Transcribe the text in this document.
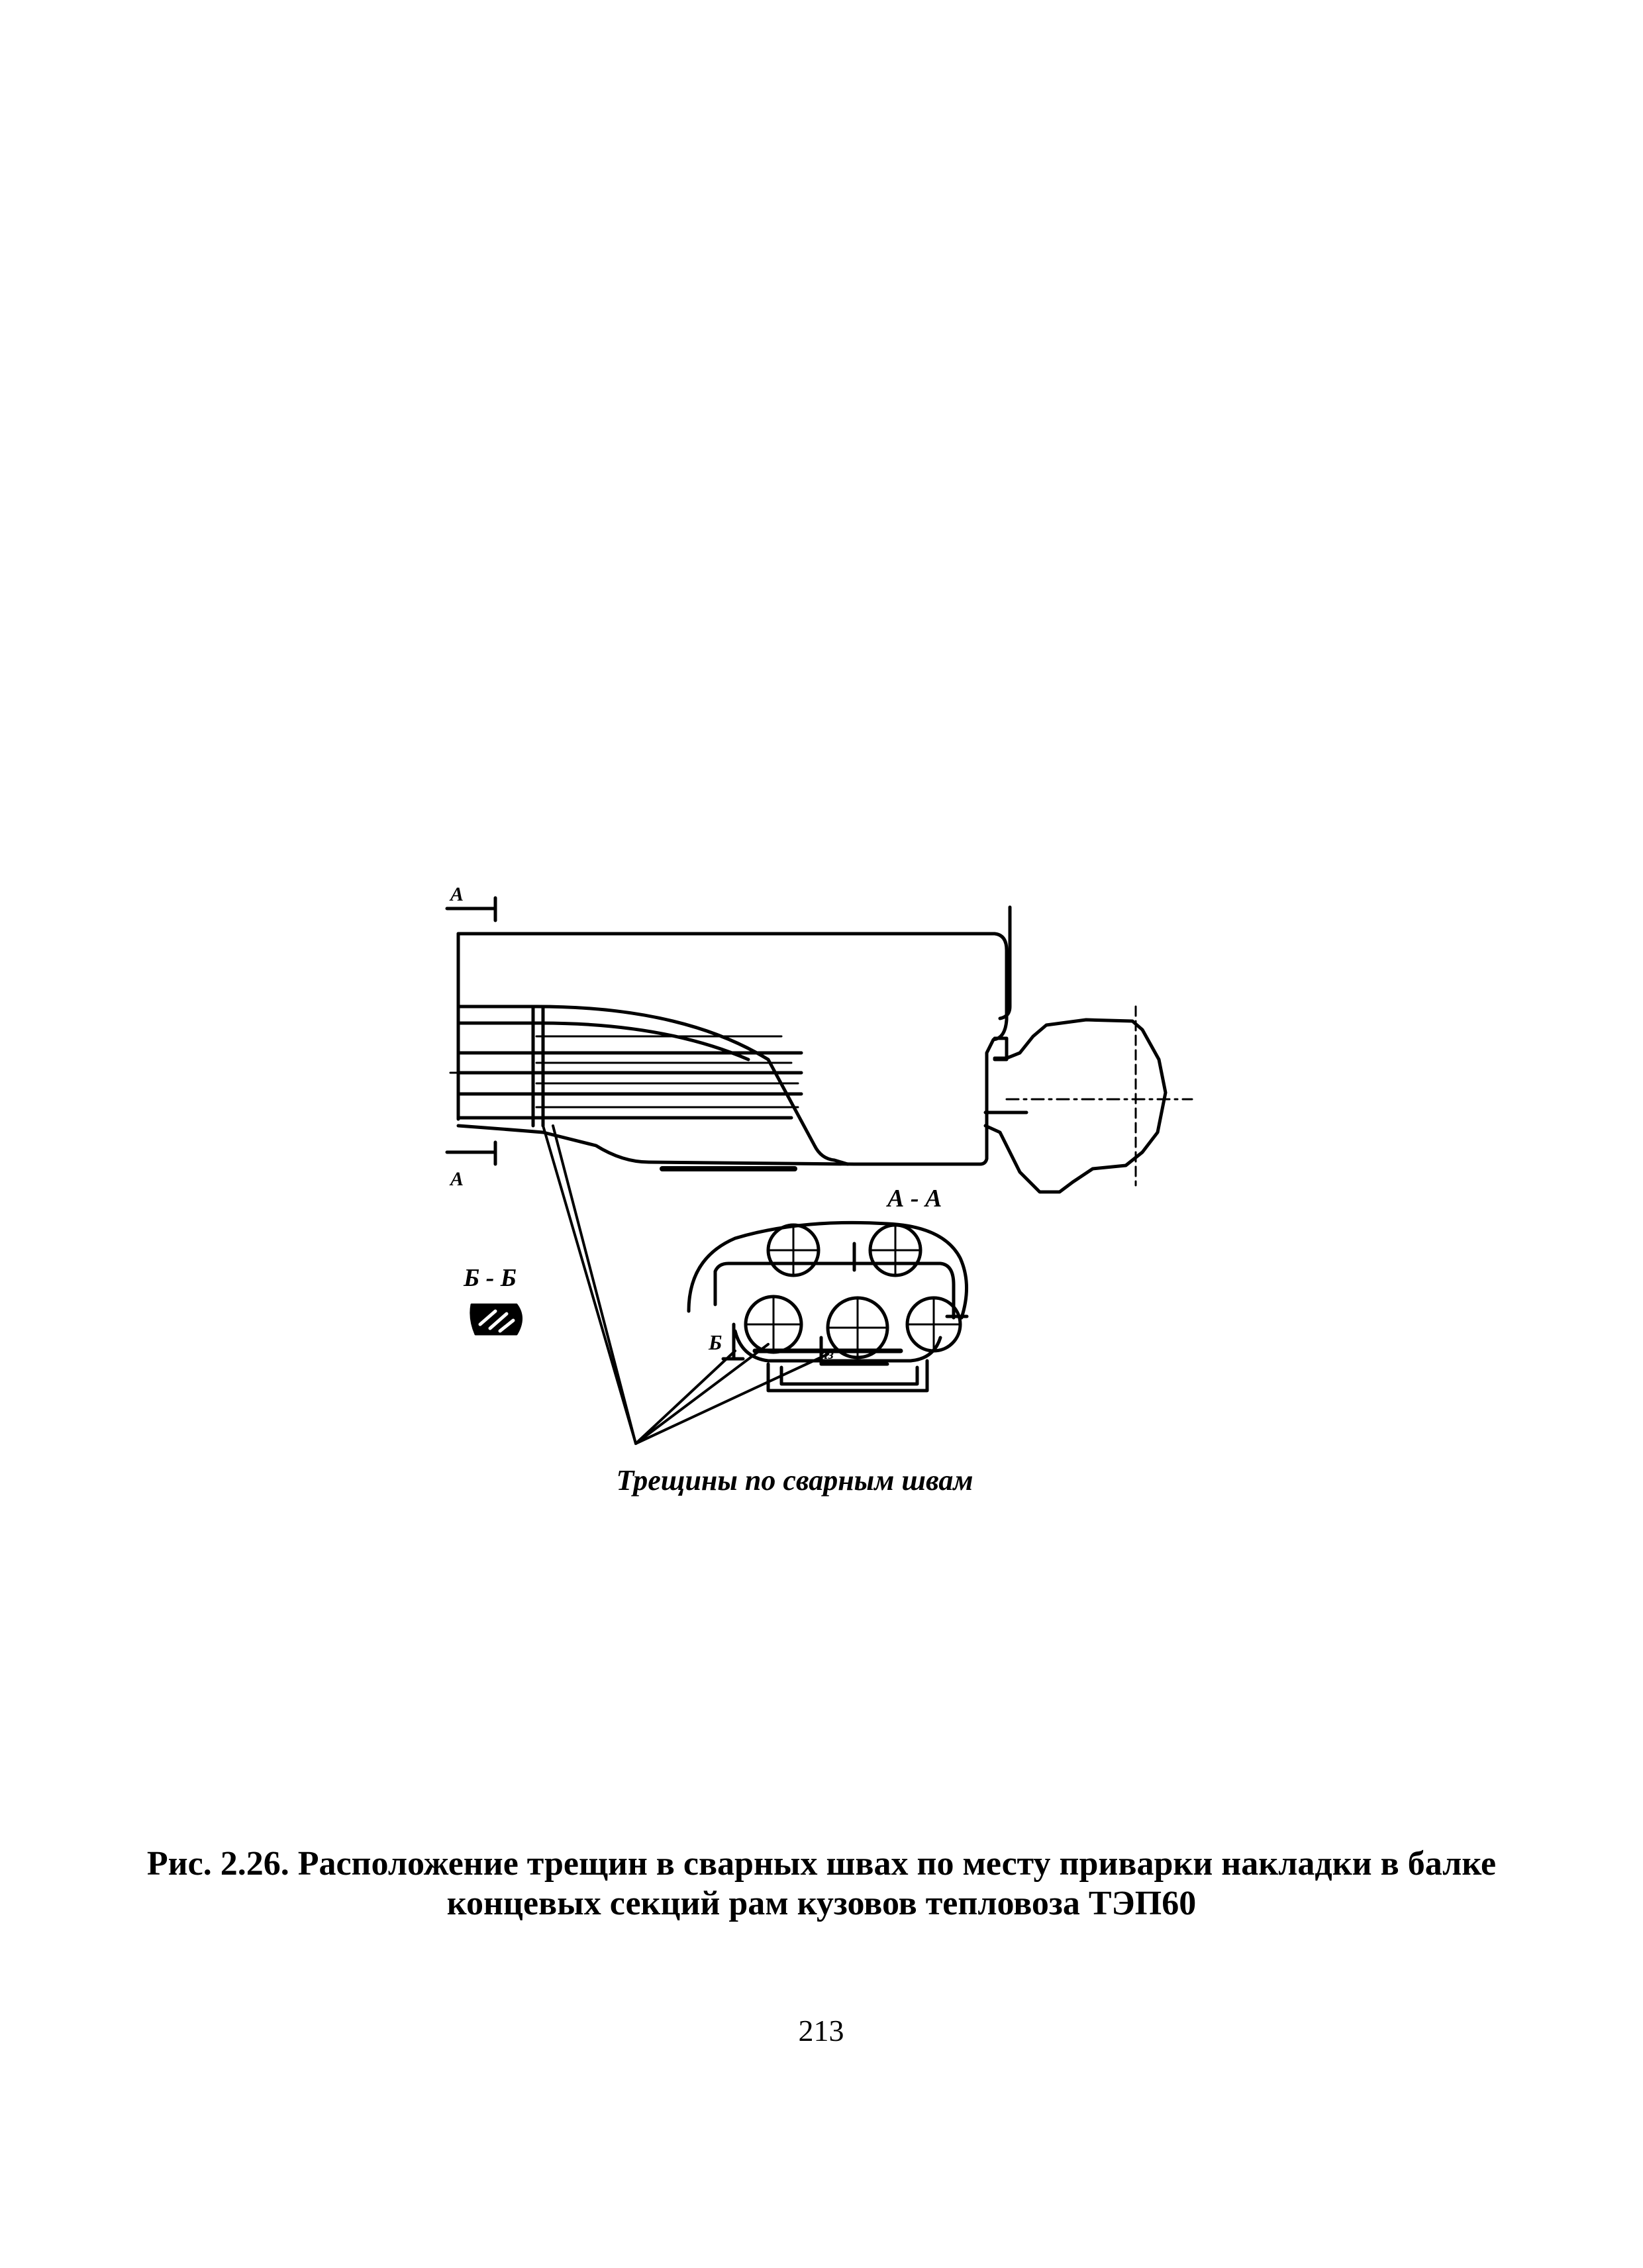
А
А
А - А
Б	hз
Б - Б
Трещины по сварным швам
Рис. 2.26. Расположение трещин в сварных швах по месту приварки накладки в балке
концевых секций рам кузовов тепловоза ТЭП60
213
